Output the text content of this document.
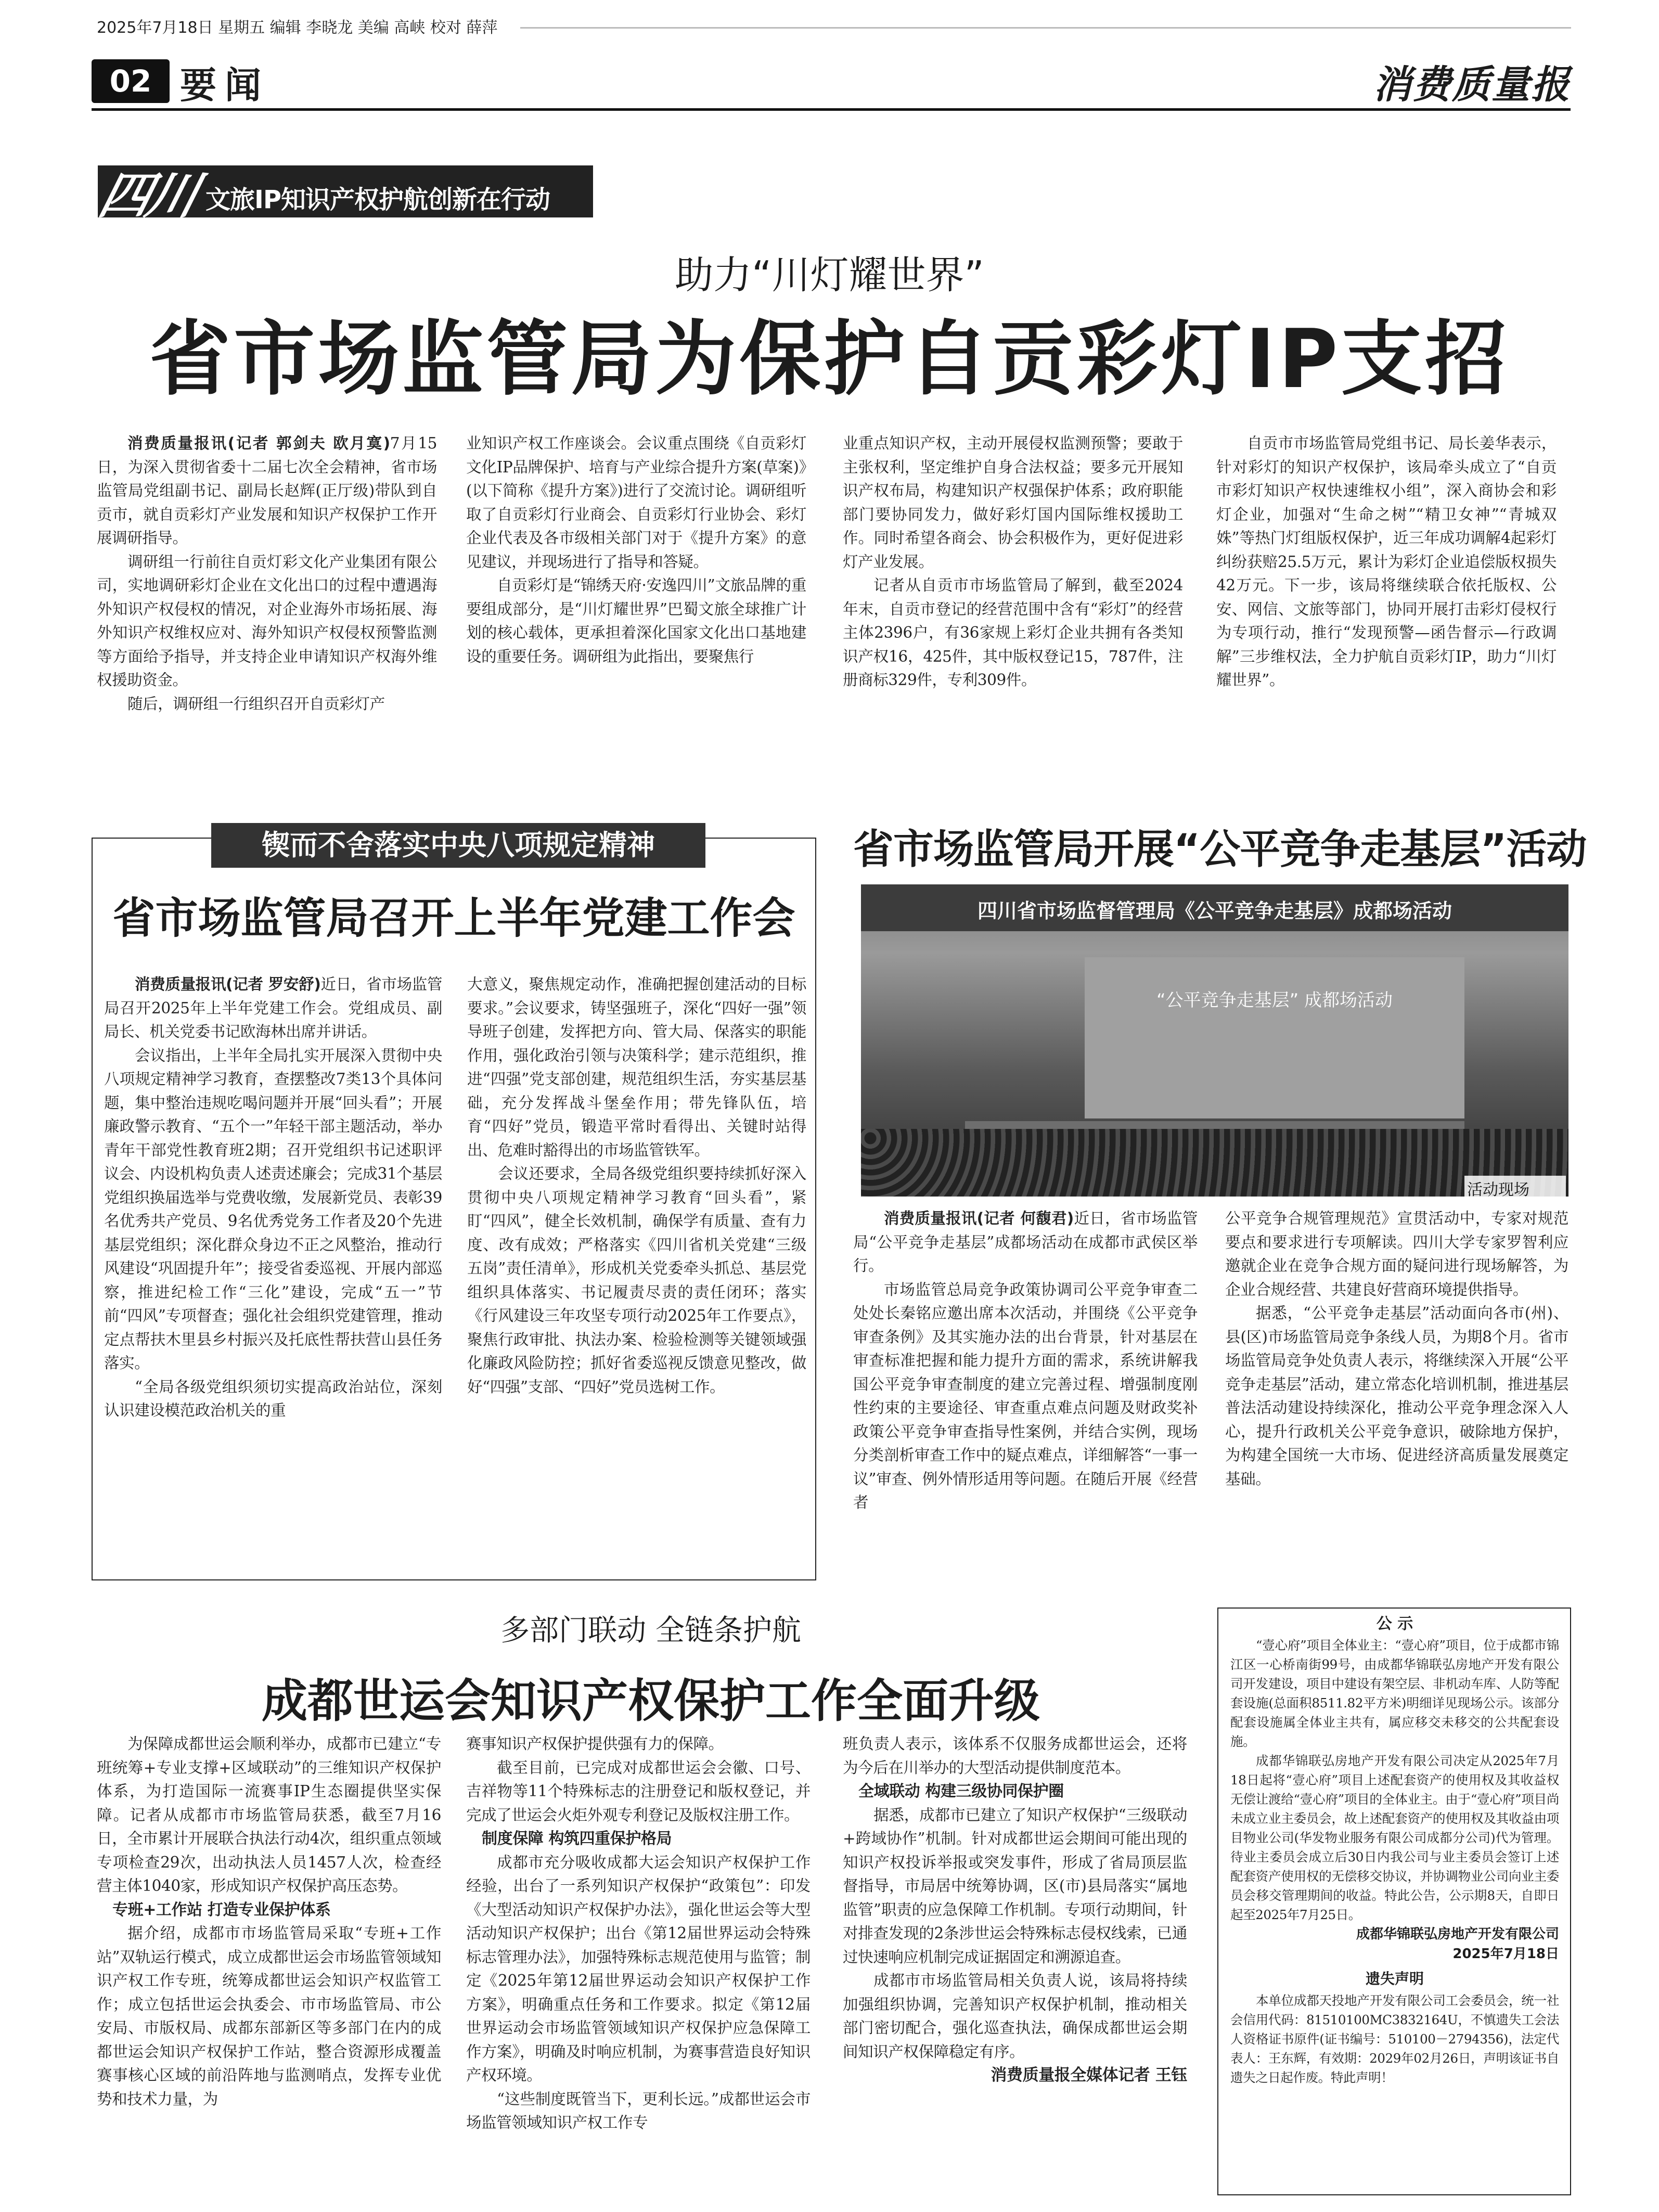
2025年7月18日 星期五 编辑 李晓龙 美编 高峡 校对 薛萍
02 要闻	消费质量报
四川 文旅IP知识产权护航创新在行动
助力“川灯耀世界”
省市场监管局为保护自贡彩灯IP支招

消费质量报讯(记者 郭剑夫 欧月寞)7月15日，为深入贯彻省委十二届七次全会精神，省市场监管局党组副书记、副局长赵辉(正厅级)带队到自贡市，就自贡彩灯产业发展和知识产权保护工作开展调研指导。

调研组一行前往自贡灯彩文化产业集团有限公司，实地调研彩灯企业在文化出口的过程中遭遇海外知识产权侵权的情况，对企业海外市场拓展、海外知识产权维权应对、海外知识产权侵权预警监测等方面给予指导，并支持企业申请知识产权海外维权援助资金。

随后，调研组一行组织召开自贡彩灯产

业知识产权工作座谈会。会议重点围绕《自贡彩灯文化IP品牌保护、培育与产业综合提升方案(草案)》(以下简称《提升方案》)进行了交流讨论。调研组听取了自贡彩灯行业商会、自贡彩灯行业协会、彩灯企业代表及各市级相关部门对于《提升方案》的意见建议，并现场进行了指导和答疑。

自贡彩灯是“锦绣天府·安逸四川”文旅品牌的重要组成部分，是“川灯耀世界”巴蜀文旅全球推广计划的核心载体，更承担着深化国家文化出口基地建设的重要任务。调研组为此指出，要聚焦行

业重点知识产权，主动开展侵权监测预警；要敢于主张权利，坚定维护自身合法权益；要多元开展知识产权布局，构建知识产权强保护体系；政府职能部门要协同发力，做好彩灯国内国际维权援助工作。同时希望各商会、协会积极作为，更好促进彩灯产业发展。

记者从自贡市市场监管局了解到，截至2024年末，自贡市登记的经营范围中含有“彩灯”的经营主体2396户，有36家规上彩灯企业共拥有各类知识产权16，425件，其中版权登记15，787件，注册商标329件，专利309件。

自贡市市场监管局党组书记、局长姜华表示，针对彩灯的知识产权保护，该局牵头成立了“自贡市彩灯知识产权快速维权小组”，深入商协会和彩灯企业，加强对“生命之树”“精卫女神”“青城双姝”等热门灯组版权保护，近三年成功调解4起彩灯纠纷获赔25.5万元，累计为彩灯企业追偿版权损失42万元。下一步，该局将继续联合依托版权、公安、网信、文旅等部门，协同开展打击彩灯侵权行为专项行动，推行“发现预警—函告督示—行政调解”三步维权法，全力护航自贡彩灯IP，助力“川灯耀世界”。

锲而不舍落实中央八项规定精神
省市场监管局召开上半年党建工作会

消费质量报讯(记者 罗安舒)近日，省市场监管局召开2025年上半年党建工作会。党组成员、副局长、机关党委书记欧海林出席并讲话。

会议指出，上半年全局扎实开展深入贯彻中央八项规定精神学习教育，查摆整改7类13个具体问题，集中整治违规吃喝问题并开展“回头看”；开展廉政警示教育、“五个一”年轻干部主题活动，举办青年干部党性教育班2期；召开党组织书记述职评议会、内设机构负责人述责述廉会；完成31个基层党组织换届选举与党费收缴，发展新党员、表彰39名优秀共产党员、9名优秀党务工作者及20个先进基层党组织；深化群众身边不正之风整治，推动行风建设“巩固提升年”；接受省委巡视、开展内部巡察，推进纪检工作“三化”建设，完成“五一”节前“四风”专项督查；强化社会组织党建管理，推动定点帮扶木里县乡村振兴及托底性帮扶营山县任务落实。

“全局各级党组织须切实提高政治站位，深刻认识建设模范政治机关的重

大意义，聚焦规定动作，准确把握创建活动的目标要求。”会议要求，铸坚强班子，深化“四好一强”领导班子创建，发挥把方向、管大局、保落实的职能作用，强化政治引领与决策科学；建示范组织，推进“四强”党支部创建，规范组织生活，夯实基层基础，充分发挥战斗堡垒作用；带先锋队伍，培育“四好”党员，锻造平常时看得出、关键时站得出、危难时豁得出的市场监管铁军。

会议还要求，全局各级党组织要持续抓好深入贯彻中央八项规定精神学习教育“回头看”，紧盯“四风”，健全长效机制，确保学有质量、查有力度、改有成效；严格落实《四川省机关党建“三级五岗”责任清单》，形成机关党委牵头抓总、基层党组织具体落实、书记履责尽责的责任闭环；落实《行风建设三年攻坚专项行动2025年工作要点》，聚焦行政审批、执法办案、检验检测等关键领域强化廉政风险防控；抓好省委巡视反馈意见整改，做好“四强”支部、“四好”党员选树工作。

省市场监管局开展“公平竞争走基层”活动
四川省市场监督管理局《公平竞争走基层》成都场活动
“公平竞争走基层” 成都场活动
活动现场

消费质量报讯(记者 何馥君)近日，省市场监管局“公平竞争走基层”成都场活动在成都市武侯区举行。

市场监管总局竞争政策协调司公平竞争审查二处处长秦铭应邀出席本次活动，并围绕《公平竞争审查条例》及其实施办法的出台背景，针对基层在审查标准把握和能力提升方面的需求，系统讲解我国公平竞争审查制度的建立完善过程、增强制度刚性约束的主要途径、审查重点难点问题及财政奖补政策公平竞争审查指导性案例，并结合实例，现场分类剖析审查工作中的疑点难点，详细解答“一事一议”审查、例外情形适用等问题。在随后开展《经营者

公平竞争合规管理规范》宣贯活动中，专家对规范要点和要求进行专项解读。四川大学专家罗智利应邀就企业在竞争合规方面的疑问进行现场解答，为企业合规经营、共建良好营商环境提供指导。

据悉，“公平竞争走基层”活动面向各市(州)、县(区)市场监管局竞争条线人员，为期8个月。省市场监管局竞争处负责人表示，将继续深入开展“公平竞争走基层”活动，建立常态化培训机制，推进基层普法活动建设持续深化，推动公平竞争理念深入人心，提升行政机关公平竞争意识，破除地方保护，为构建全国统一大市场、促进经济高质量发展奠定基础。

多部门联动 全链条护航
成都世运会知识产权保护工作全面升级

为保障成都世运会顺利举办，成都市已建立“专班统筹+专业支撑+区域联动”的三维知识产权保护体系，为打造国际一流赛事IP生态圈提供坚实保障。记者从成都市市场监管局获悉，截至7月16日，全市累计开展联合执法行动4次，组织重点领域专项检查29次，出动执法人员1457人次，检查经营主体1040家，形成知识产权保护高压态势。

专班+工作站 打造专业保护体系

据介绍，成都市市场监管局采取“专班+工作站”双轨运行模式，成立成都世运会市场监管领域知识产权工作专班，统筹成都世运会知识产权监管工作；成立包括世运会执委会、市市场监管局、市公安局、市版权局、成都东部新区等多部门在内的成都世运会知识产权保护工作站，整合资源形成覆盖赛事核心区域的前沿阵地与监测哨点，发挥专业优势和技术力量，为

赛事知识产权保护提供强有力的保障。

截至目前，已完成对成都世运会会徽、口号、吉祥物等11个特殊标志的注册登记和版权登记，并完成了世运会火炬外观专利登记及版权注册工作。

制度保障 构筑四重保护格局

成都市充分吸收成都大运会知识产权保护工作经验，出台了一系列知识产权保护“政策包”：印发《大型活动知识产权保护办法》，强化世运会等大型活动知识产权保护；出台《第12届世界运动会特殊标志管理办法》，加强特殊标志规范使用与监管；制定《2025年第12届世界运动会知识产权保护工作方案》，明确重点任务和工作要求。拟定《第12届世界运动会市场监管领域知识产权保护应急保障工作方案》，明确及时响应机制，为赛事营造良好知识产权环境。

“这些制度既管当下，更利长远。”成都世运会市场监管领域知识产权工作专

班负责人表示，该体系不仅服务成都世运会，还将为今后在川举办的大型活动提供制度范本。

全域联动 构建三级协同保护圈

据悉，成都市已建立了知识产权保护“三级联动+跨域协作”机制。针对成都世运会期间可能出现的知识产权投诉举报或突发事件，形成了省局顶层监督指导，市局居中统筹协调，区(市)县局落实“属地监管”职责的应急保障工作机制。专项行动期间，针对排查发现的2条涉世运会特殊标志侵权线索，已通过快速响应机制完成证据固定和溯源追查。

成都市市场监管局相关负责人说，该局将持续加强组织协调，完善知识产权保护机制，推动相关部门密切配合，强化巡查执法，确保成都世运会期间知识产权保障稳定有序。

消费质量报全媒体记者 王钰

公 示

“壹心府”项目全体业主：“壹心府”项目，位于成都市锦江区一心桥南街99号，由成都华锦联弘房地产开发有限公司开发建设，项目中建设有架空层、非机动车库、人防等配套设施(总面积8511.82平方米)明细详见现场公示。该部分配套设施属全体业主共有，属应移交未移交的公共配套设施。

成都华锦联弘房地产开发有限公司决定从2025年7月18日起将“壹心府”项目上述配套资产的使用权及其收益权无偿让渡给“壹心府”项目的全体业主。由于“壹心府”项目尚未成立业主委员会，故上述配套资产的使用权及其收益由项目物业公司(华发物业服务有限公司成都分公司)代为管理。待业主委员会成立后30日内我公司与业主委员会签订上述配套资产使用权的无偿移交协议，并协调物业公司向业主委员会移交管理期间的收益。特此公告，公示期8天，自即日起至2025年7月25日。

成都华锦联弘房地产开发有限公司

2025年7月18日

遗失声明

本单位成都天投地产开发有限公司工会委员会，统一社会信用代码：81510100MC3832164U，不慎遗失工会法人资格证书原件(证书编号：510100－2794356)，法定代表人：王东辉，有效期：2029年02月26日，声明该证书自遗失之日起作废。特此声明！
